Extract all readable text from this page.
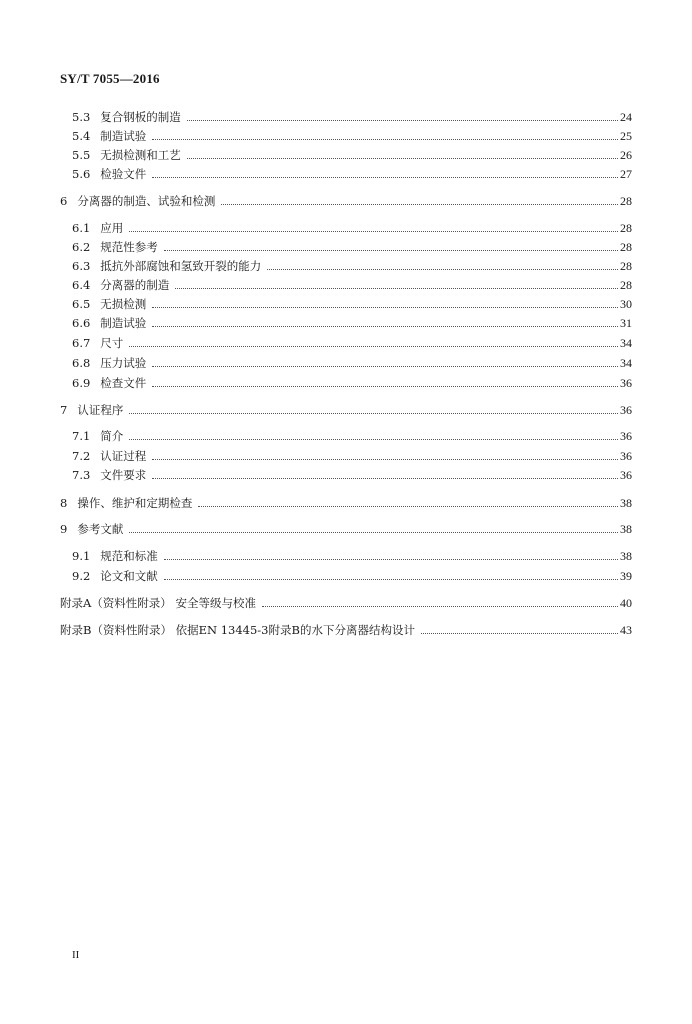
SY/T 7055—2016
5.3 复合钢板的制造	24
5.4 制造试验	25
5.5 无损检测和工艺	26
5.6 检验文件	27
6 分离器的制造、试验和检测	28
6.1 应用	28
6.2 规范性参考	28
6.3 抵抗外部腐蚀和氢致开裂的能力	28
6.4 分离器的制造	28
6.5 无损检测	30
6.6 制造试验	31
6.7 尺寸	34
6.8 压力试验	34
6.9 检查文件	36
7 认证程序	36
7.1 简介	36
7.2 认证过程	36
7.3 文件要求	36
8 操作、维护和定期检查	38
9 参考文献	38
9.1 规范和标准	38
9.2 论文和文献	39
附录A（资料性附录） 安全等级与校准	40
附录B（资料性附录） 依据EN 13445-3附录B的水下分离器结构设计	43
II
